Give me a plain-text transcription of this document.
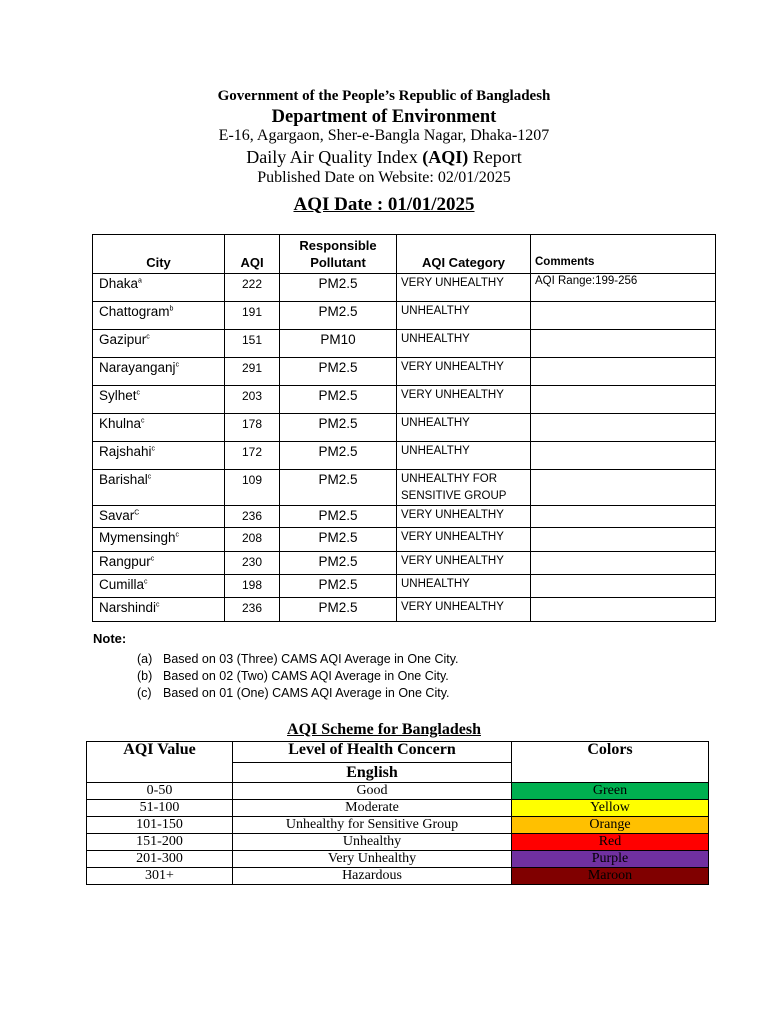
Government of the People’s Republic of Bangladesh
Department of Environment
E-16, Agargaon, Sher-e-Bangla Nagar, Dhaka-1207
Daily Air Quality Index (AQI) Report
Published Date on Website: 02/01/2025
AQI Date : 01/01/2025
City	AQI	Responsible Pollutant	AQI Category	Comments
Dhaka$^a$	222	PM2.5	VERY UNHEALTHY	AQI Range:199-256
Chattogram$^b$	191	PM2.5	UNHEALTHY	
Gazipur$^c$	151	PM10	UNHEALTHY	
Narayanganj$^c$	291	PM2.5	VERY UNHEALTHY	
Sylhet$^c$	203	PM2.5	VERY UNHEALTHY	
Khulna$^c$	178	PM2.5	UNHEALTHY	
Rajshahi$^c$	172	PM2.5	UNHEALTHY	
Barishal$^c$	109	PM2.5	UNHEALTHY FOR SENSITIVE GROUP	
Savar$^C$	236	PM2.5	VERY UNHEALTHY	
Mymensingh$^c$	208	PM2.5	VERY UNHEALTHY	
Rangpur$^c$	230	PM2.5	VERY UNHEALTHY	
Cumilla$^c$	198	PM2.5	UNHEALTHY	
Narshindi$^c$	236	PM2.5	VERY UNHEALTHY	
Note:
(a) Based on 03 (Three) CAMS AQI Average in One City.
(b) Based on 02 (Two) CAMS AQI Average in One City.
(c) Based on 01 (One) CAMS AQI Average in One City.
AQI Scheme for Bangladesh
AQI Value	Level of Health Concern	Colors
	English	
0-50	Good	Green
51-100	Moderate	Yellow
101-150	Unhealthy for Sensitive Group	Orange
151-200	Unhealthy	Red
201-300	Very Unhealthy	Purple
301+	Hazardous	Maroon
